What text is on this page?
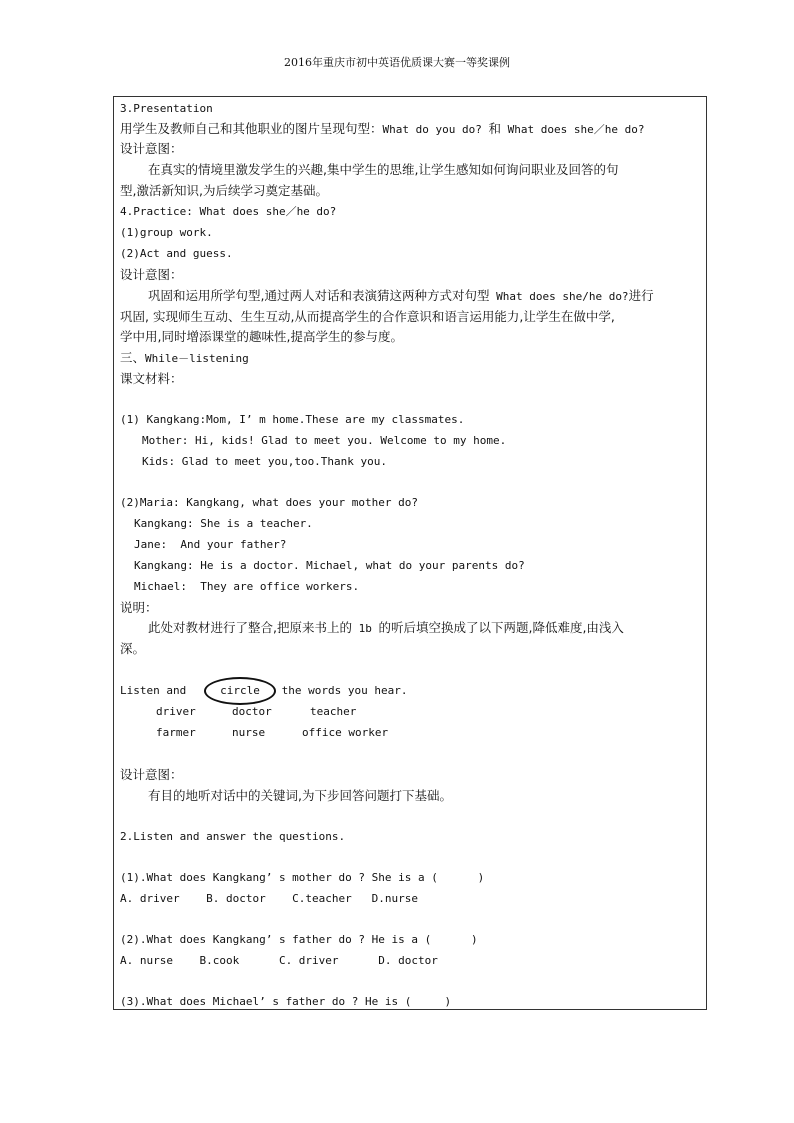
2016年重庆市初中英语优质课大赛一等奖课例
3.Presentation
用学生及教师自己和其他职业的图片呈现句型：What do you do? 和 What does she／he do?
设计意图：
在真实的情境里激发学生的兴趣,集中学生的思维,让学生感知如何询问职业及回答的句
型,激活新知识,为后续学习奠定基础。
4.Practice: What does she／he do?
(1)group work.
(2)Act and guess.
设计意图：
巩固和运用所学句型,通过两人对话和表演猜这两种方式对句型 What does she/he do?进行
巩固, 实现师生互动、生生互动,从而提高学生的合作意识和语言运用能力,让学生在做中学,
学中用,同时增添课堂的趣味性,提高学生的参与度。
三、While－listening
课文材料：
(1) Kangkang:Mom, I’ m home.These are my classmates.
Mother: Hi, kids! Glad to meet you. Welcome to my home.
Kids: Glad to meet you,too.Thank you.
(2)Maria: Kangkang, what does your mother do?
Kangkang: She is a teacher.
Jane:  And your father?
Kangkang: He is a doctor. Michael, what do your parents do?
Michael:  They are office workers.
说明：
此处对教材进行了整合,把原来书上的 1b 的听后填空换成了以下两题,降低难度,由浅入
深。
Listen and	circle	the words you hear.
driver	doctor	teacher
farmer	nurse	office worker
设计意图：
有目的地听对话中的关键词,为下步回答问题打下基础。
2.Listen and answer the questions.
(1).What does Kangkang’ s mother do ? She is a (      )
A. driver    B. doctor    C.teacher   D.nurse
(2).What does Kangkang’ s father do ? He is a (      )
A. nurse    B.cook      C. driver      D. doctor
(3).What does Michael’ s father do ? He is (     )
